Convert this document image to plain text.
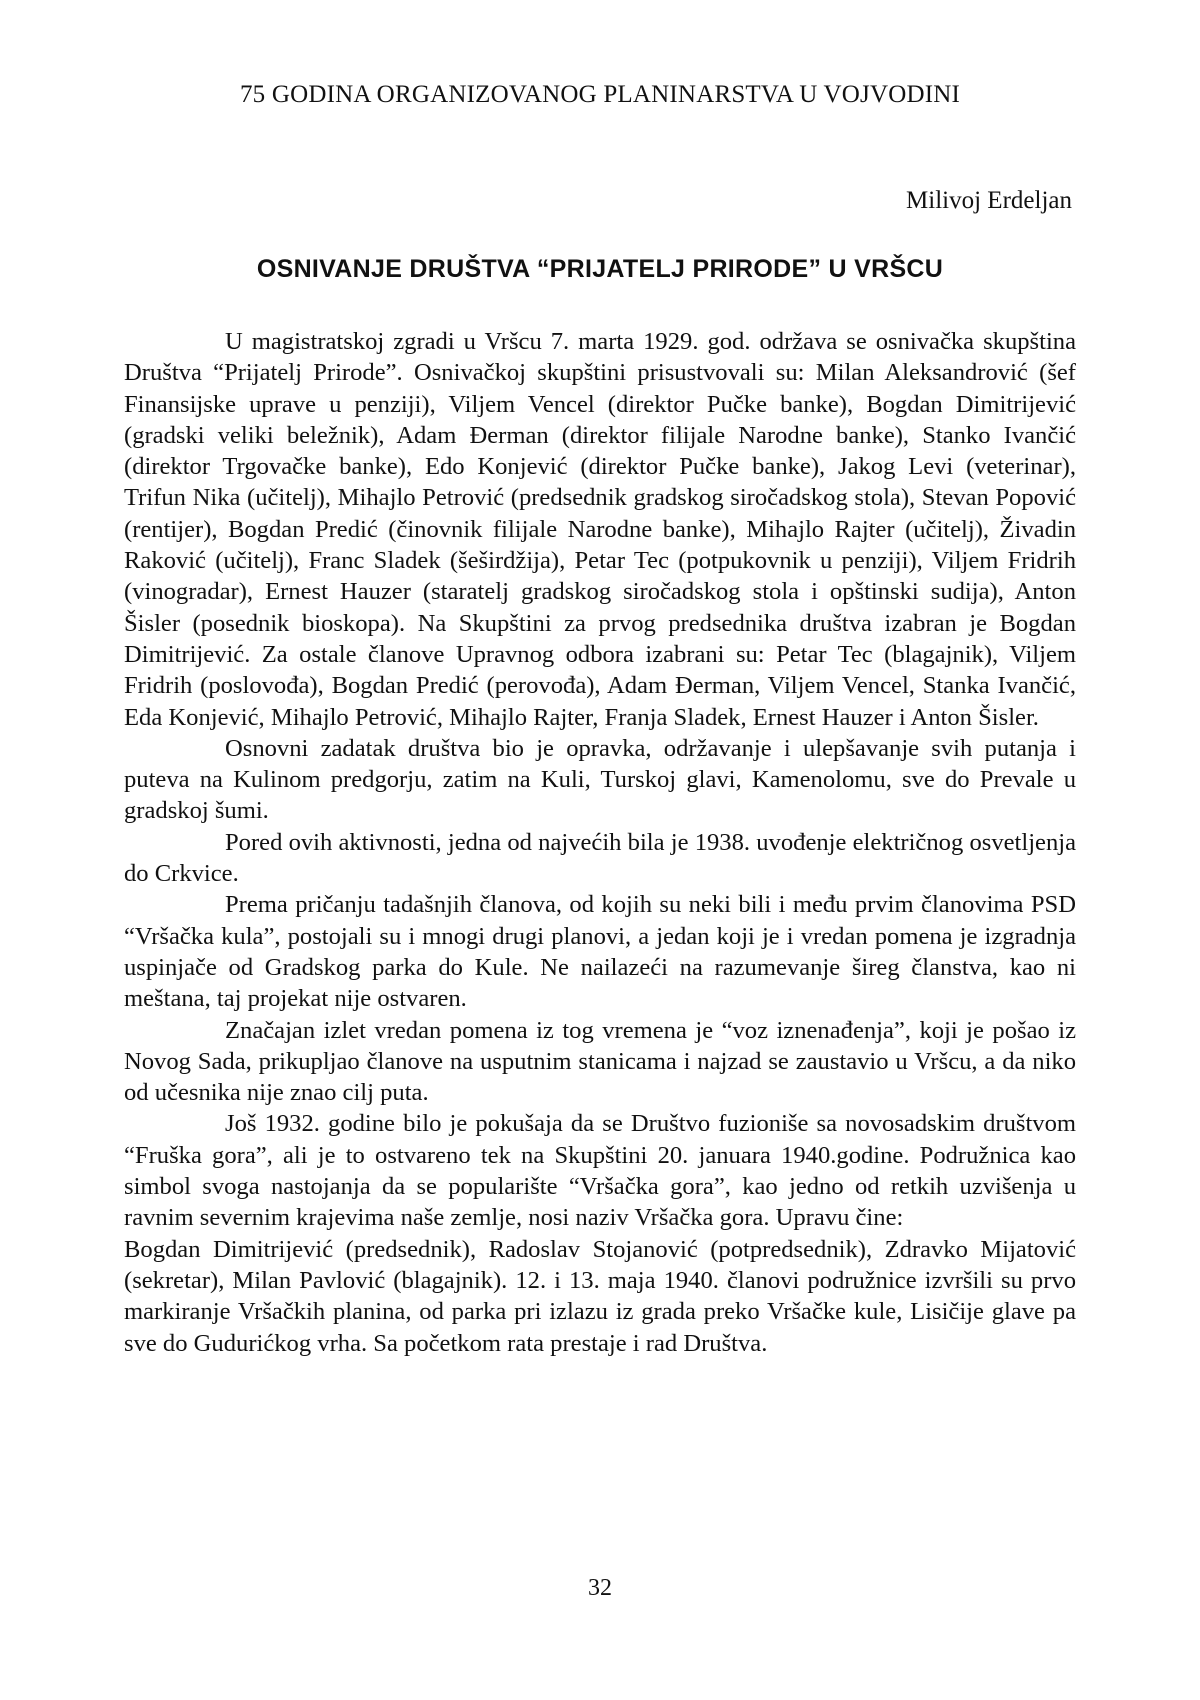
75 GODINA ORGANIZOVANOG PLANINARSTVA U VOJVODINI
Milivoj Erdeljan
OSNIVANJE DRUŠTVA “PRIJATELJ PRIRODE” U VRŠCU

U magistratskoj zgradi u Vršcu 7. marta 1929. god. održava se osnivačka skupština Društva “Prijatelj Prirode”. Osnivačkoj skupštini prisustvovali su: Milan Aleksandrović (šef Finansijske uprave u penziji), Viljem Vencel (direktor Pučke banke), Bogdan Dimitrijević (gradski veliki beležnik), Adam Đerman (direktor filijale Narodne banke), Stanko Ivančić (direktor Trgovačke banke), Edo Konjević (direktor Pučke banke), Jakog Levi (veterinar), Trifun Nika (učitelj), Mihajlo Petrović (predsednik gradskog siročadskog stola), Stevan Popović (rentijer), Bogdan Predić (činovnik filijale Narodne banke), Mihajlo Rajter (učitelj), Živadin Raković (učitelj), Franc Sladek (šeširdžija), Petar Tec (potpukovnik u penziji), Viljem Fridrih (vinogradar), Ernest Hauzer (staratelj gradskog siročadskog stola i opštinski sudija), Anton Šisler (posednik bioskopa). Na Skupštini za prvog predsednika društva izabran je Bogdan Dimitrijević. Za ostale članove Upravnog odbora izabrani su: Petar Tec (blagajnik), Viljem Fridrih (poslovođa), Bogdan Predić (perovođa), Adam Đerman, Viljem Vencel, Stanka Ivančić, Eda Konjević, Mihajlo Petrović, Mihajlo Rajter, Franja Sladek, Ernest Hauzer i Anton Šisler.

Osnovni zadatak društva bio je opravka, održavanje i ulepšavanje svih putanja i puteva na Kulinom predgorju, zatim na Kuli, Turskoj glavi, Kamenolomu, sve do Prevale u gradskoj šumi.

Pored ovih aktivnosti, jedna od najvećih bila je 1938. uvođenje električnog osvetljenja do Crkvice.

Prema pričanju tadašnjih članova, od kojih su neki bili i među prvim članovima PSD “Vršačka kula”, postojali su i mnogi drugi planovi, a jedan koji je i vredan pomena je izgradnja uspinjače od Gradskog parka do Kule. Ne nailazeći na razumevanje šireg članstva, kao ni meštana, taj projekat nije ostvaren.

Značajan izlet vredan pomena iz tog vremena je “voz iznenađenja”, koji je pošao iz Novog Sada, prikupljao članove na usputnim stanicama i najzad se zaustavio u Vršcu, a da niko od učesnika nije znao cilj puta.

Još 1932. godine bilo je pokušaja da se Društvo fuzioniše sa novosadskim društvom “Fruška gora”, ali je to ostvareno tek na Skupštini 20. januara 1940.godine. Podružnica kao simbol svoga nastojanja da se popularište “Vršačka gora”, kao jedno od retkih uzvišenja u ravnim severnim krajevima naše zemlje, nosi naziv Vršačka gora. Upravu čine:

Bogdan Dimitrijević (predsednik), Radoslav Stojanović (potpredsednik), Zdravko Mijatović (sekretar), Milan Pavlović (blagajnik). 12. i 13. maja 1940. članovi podružnice izvršili su prvo markiranje Vršačkih planina, od parka pri izlazu iz grada preko Vršačke kule, Lisičije glave pa sve do Gudurićkog vrha. Sa početkom rata prestaje i rad Društva.

32
